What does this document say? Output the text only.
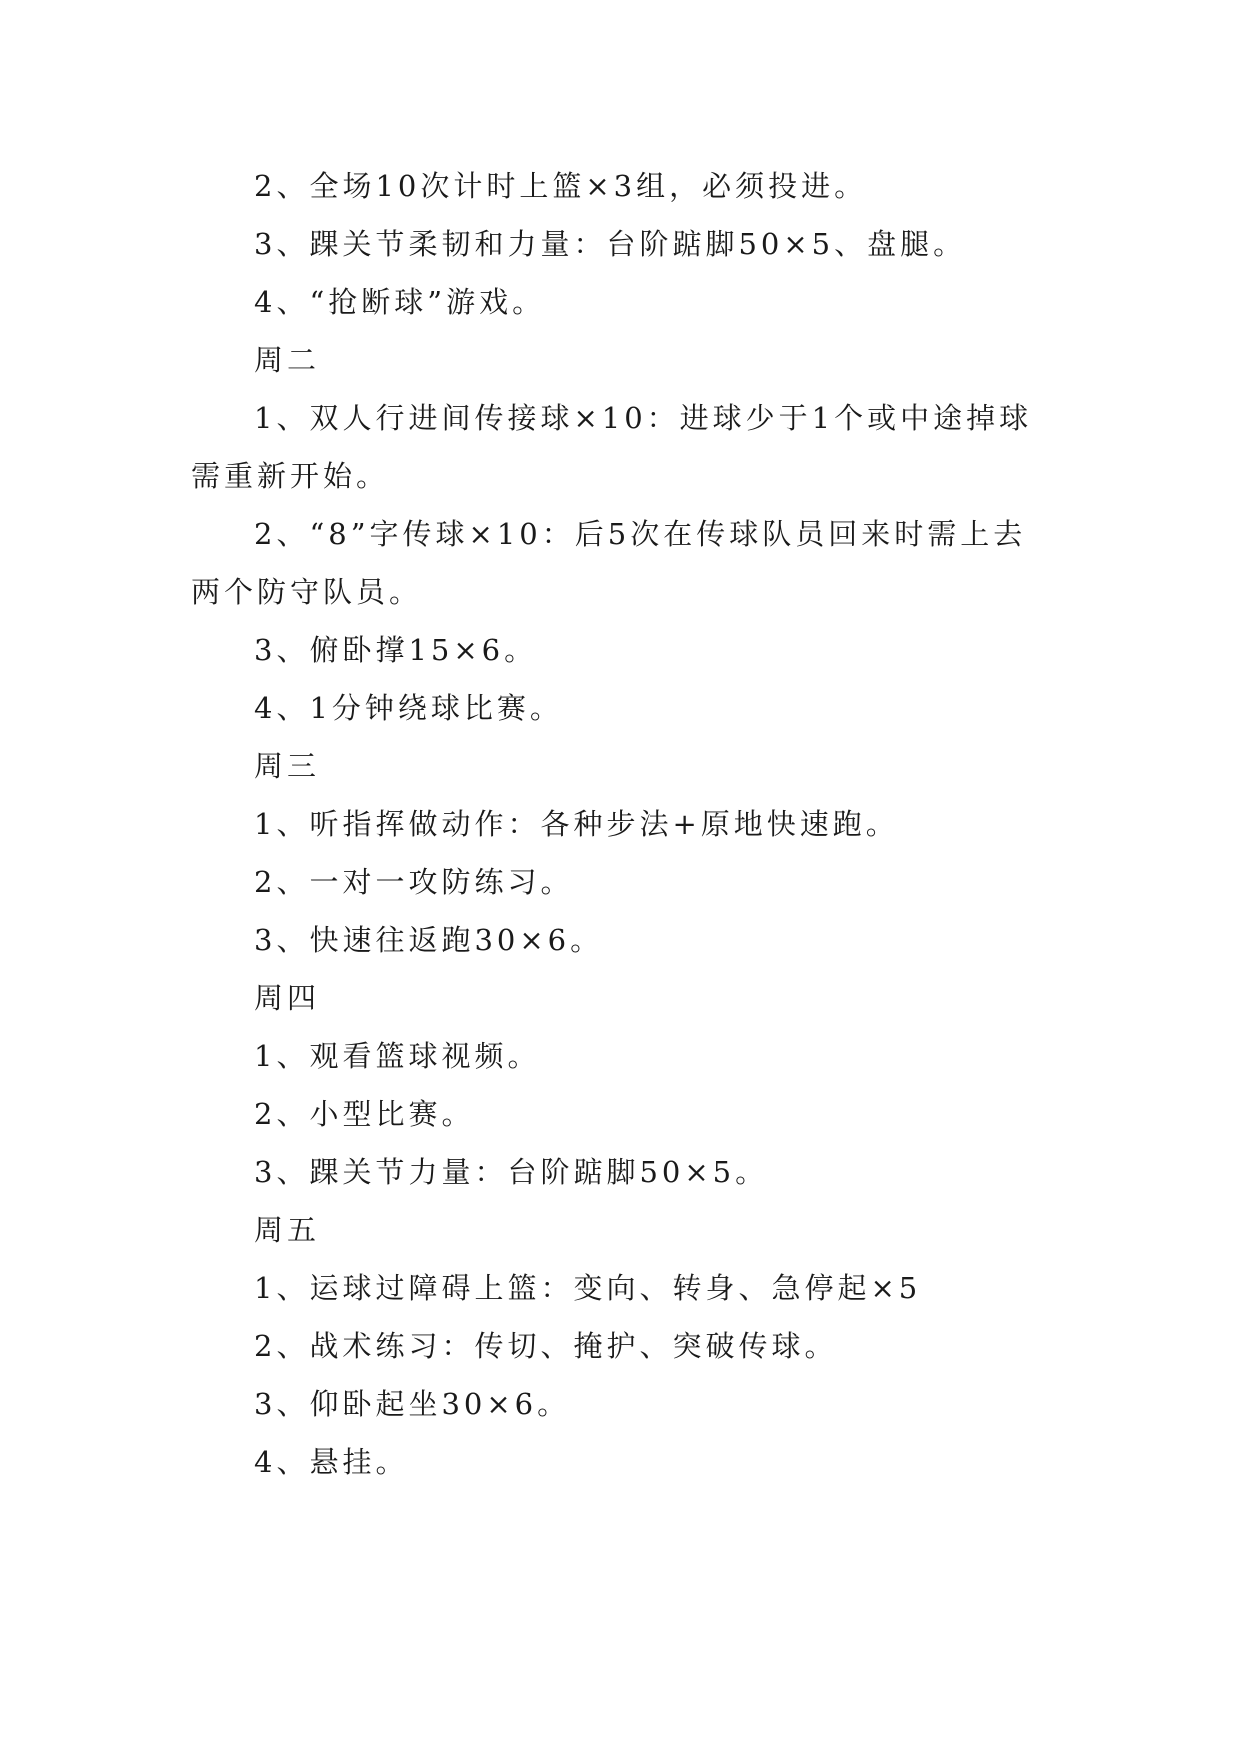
2、全场10次计时上篮×3组，必须投进。
3、踝关节柔韧和力量：台阶踮脚50×5、盘腿。
4、“抢断球”游戏。
周二
1、双人行进间传接球×10：进球少于1个或中途掉球
需重新开始。
2、“8”字传球×10：后5次在传球队员回来时需上去
两个防守队员。
3、俯卧撑15×6。
4、1分钟绕球比赛。
周三
1、听指挥做动作：各种步法+原地快速跑。
2、一对一攻防练习。
3、快速往返跑30×6。
周四
1、观看篮球视频。
2、小型比赛。
3、踝关节力量：台阶踮脚50×5。
周五
1、运球过障碍上篮：变向、转身、急停起×5
2、战术练习：传切、掩护、突破传球。
3、仰卧起坐30×6。
4、悬挂。
